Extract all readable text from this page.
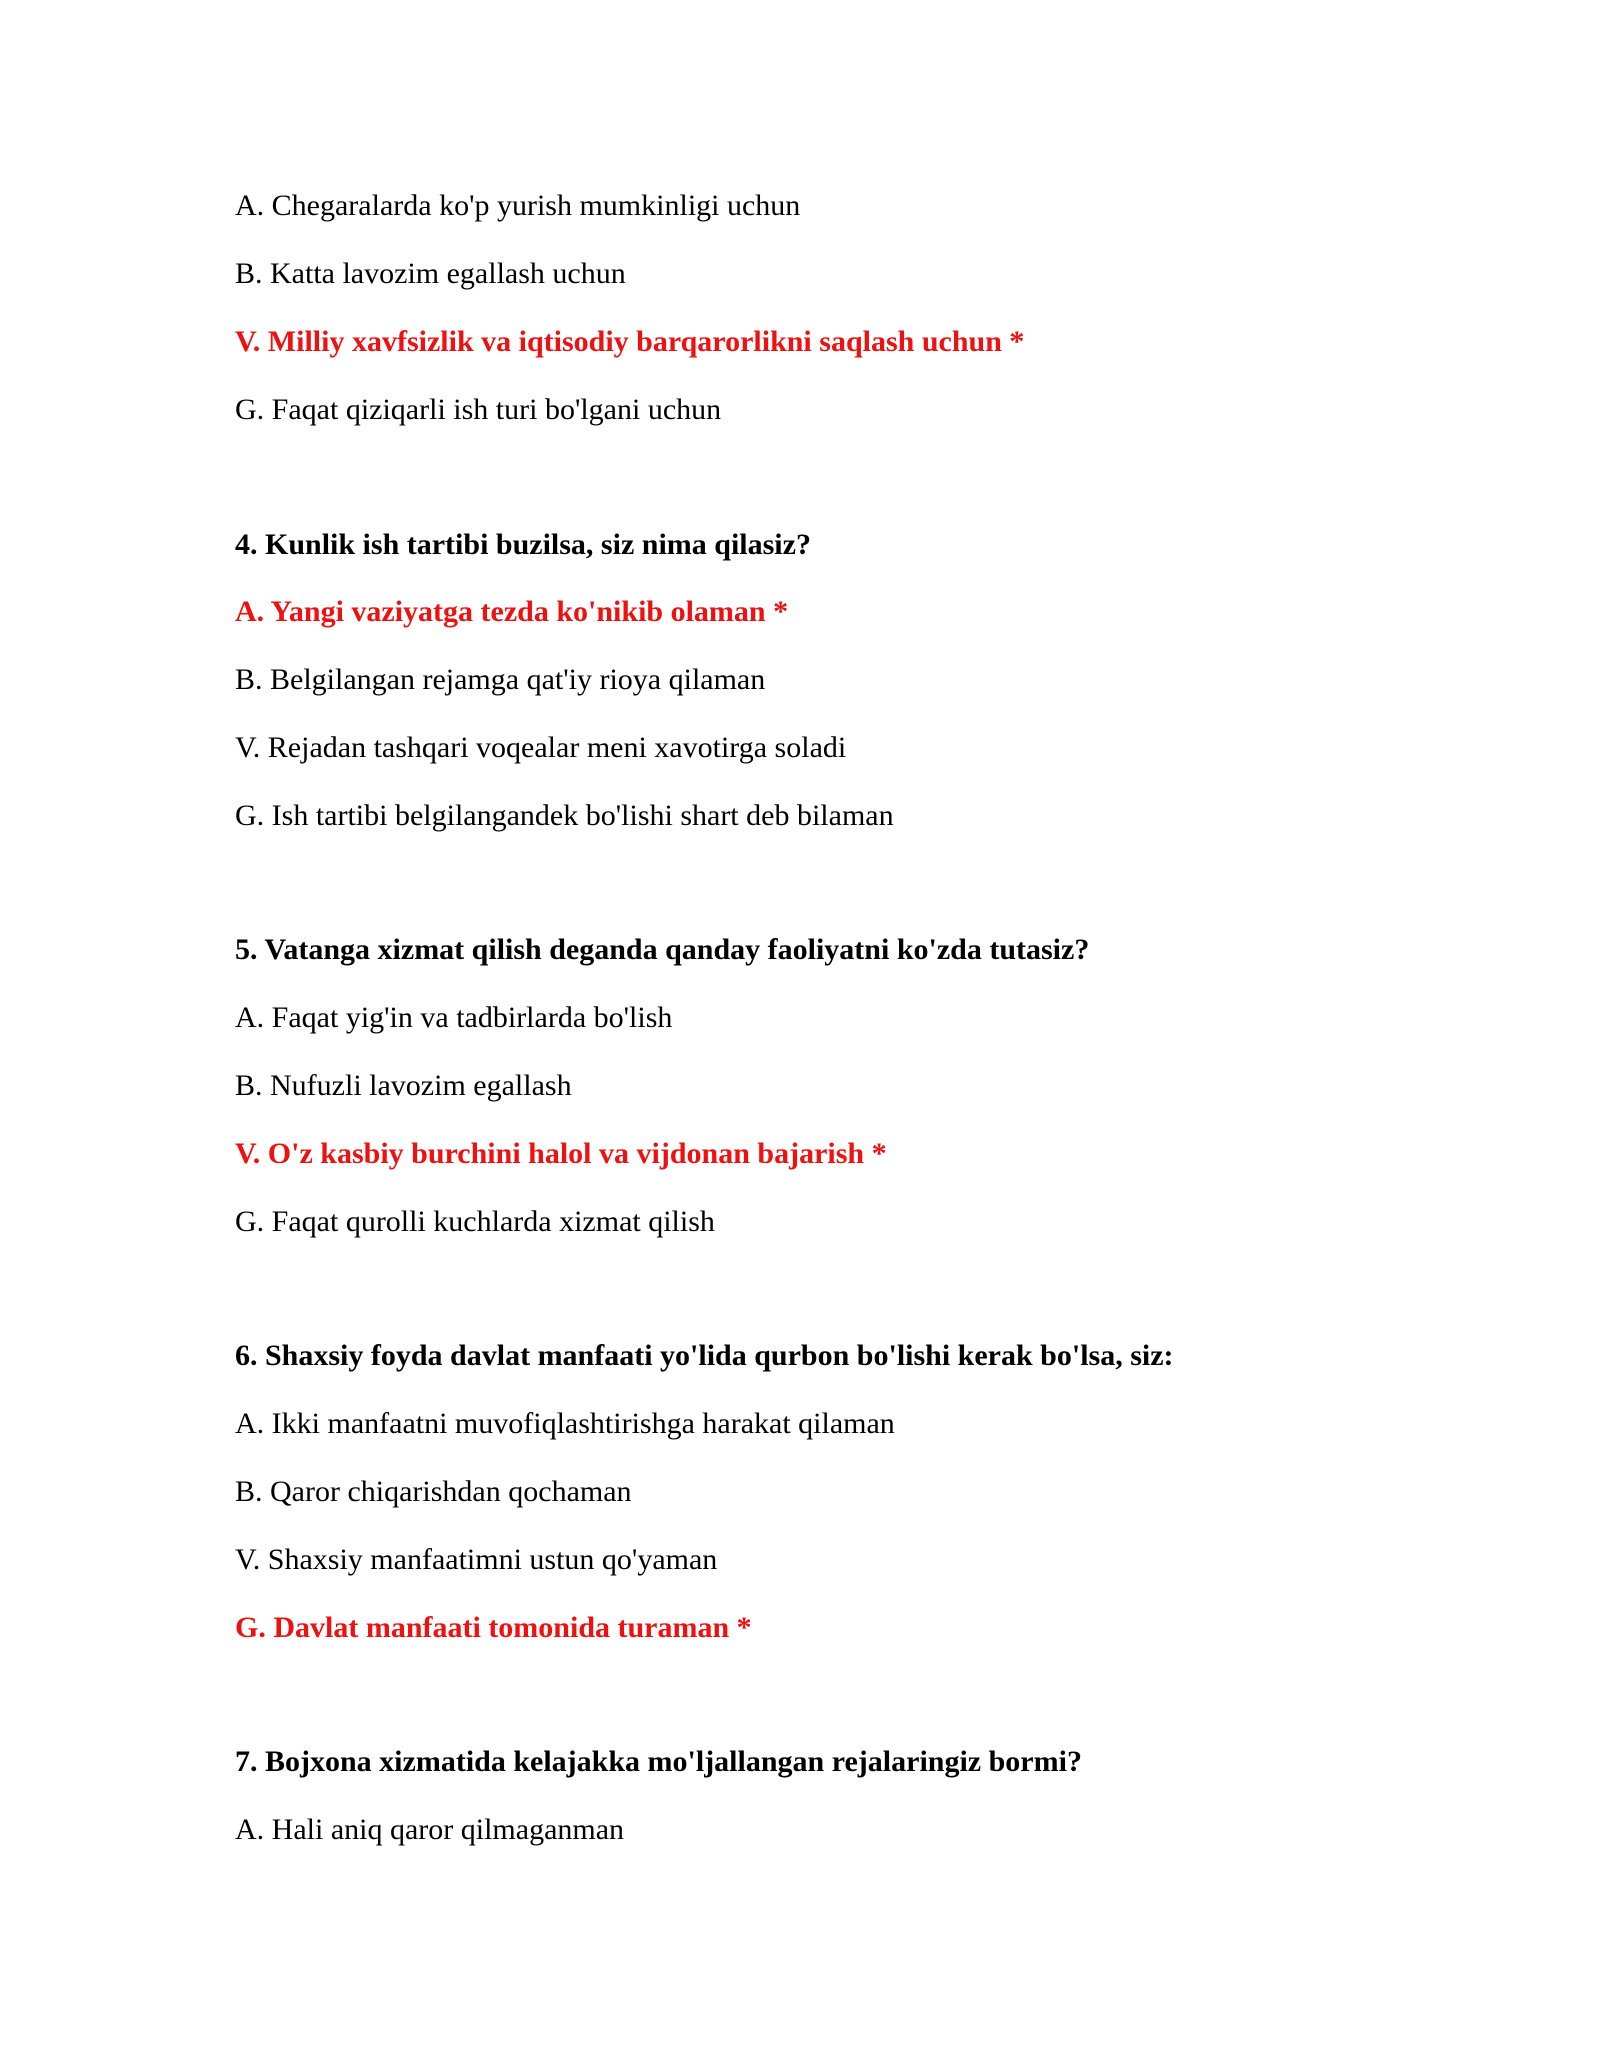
A. Chegaralarda ko'p yurish mumkinligi uchun
B. Katta lavozim egallash uchun
V. Milliy xavfsizlik va iqtisodiy barqarorlikni saqlash uchun *
G. Faqat qiziqarli ish turi bo'lgani uchun
4. Kunlik ish tartibi buzilsa, siz nima qilasiz?
A. Yangi vaziyatga tezda ko'nikib olaman *
B. Belgilangan rejamga qat'iy rioya qilaman
V. Rejadan tashqari voqealar meni xavotirga soladi
G. Ish tartibi belgilangandek bo'lishi shart deb bilaman
5. Vatanga xizmat qilish deganda qanday faoliyatni ko'zda tutasiz?
A. Faqat yig'in va tadbirlarda bo'lish
B. Nufuzli lavozim egallash
V. O'z kasbiy burchini halol va vijdonan bajarish *
G. Faqat qurolli kuchlarda xizmat qilish
6. Shaxsiy foyda davlat manfaati yo'lida qurbon bo'lishi kerak bo'lsa, siz:
A. Ikki manfaatni muvofiqlashtirishga harakat qilaman
B. Qaror chiqarishdan qochaman
V. Shaxsiy manfaatimni ustun qo'yaman
G. Davlat manfaati tomonida turaman *
7. Bojxona xizmatida kelajakka mo'ljallangan rejalaringiz bormi?
A. Hali aniq qaror qilmaganman
